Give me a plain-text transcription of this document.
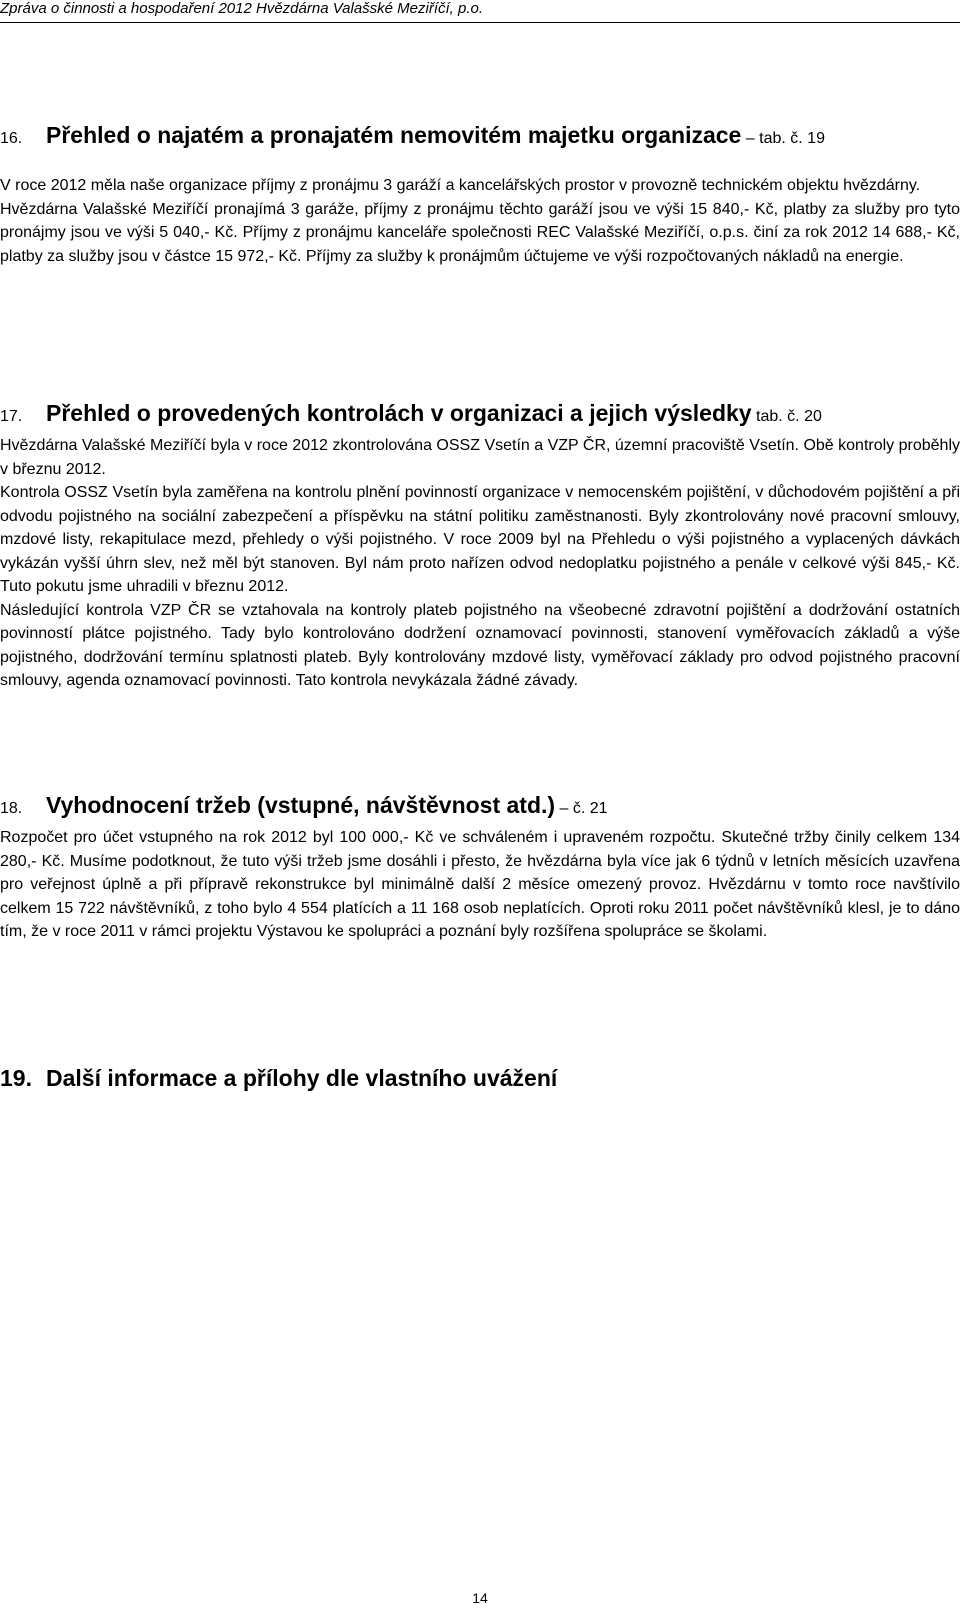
Zpráva o činnosti a hospodaření 2012 Hvězdárna Valašské Meziříčí, p.o.
16. Přehled o najatém a pronajatém nemovitém majetku organizace – tab. č. 19

V roce 2012 měla naše organizace příjmy z pronájmu 3 garáží a kancelářských prostor v provozně technickém objektu hvězdárny.

Hvězdárna Valašské Meziříčí pronajímá 3 garáže, příjmy z pronájmu těchto garáží jsou ve výši 15 840,- Kč, platby za služby pro tyto pronájmy jsou ve výši 5 040,- Kč. Příjmy z pronájmu kanceláře společnosti REC Valašské Meziříčí, o.p.s. činí za rok 2012 14 688,- Kč, platby za služby jsou v částce 15 972,- Kč. Příjmy za služby k pronájmům účtujeme ve výši rozpočtovaných nákladů na energie.

17. Přehled o provedených kontrolách v organizaci a jejich výsledky tab. č. 20

Hvězdárna Valašské Meziříčí byla v roce 2012 zkontrolována OSSZ Vsetín a VZP ČR, územní pracoviště Vsetín. Obě kontroly proběhly v březnu 2012.

Kontrola OSSZ Vsetín byla zaměřena na kontrolu plnění povinností organizace v nemocenském pojištění, v důchodovém pojištění a při odvodu pojistného na sociální zabezpečení a příspěvku na státní politiku zaměstnanosti. Byly zkontrolovány nové pracovní smlouvy, mzdové listy, rekapitulace mezd, přehledy o výši pojistného. V roce 2009 byl na Přehledu o výši pojistného a vyplacených dávkách vykázán vyšší úhrn slev, než měl být stanoven. Byl nám proto nařízen odvod nedoplatku pojistného a penále v celkové výši 845,- Kč. Tuto pokutu jsme uhradili v březnu 2012.

Následující kontrola VZP ČR se vztahovala na kontroly plateb pojistného na všeobecné zdravotní pojištění a dodržování ostatních povinností plátce pojistného. Tady bylo kontrolováno dodržení oznamovací povinnosti, stanovení vyměřovacích základů a výše pojistného, dodržování termínu splatnosti plateb. Byly kontrolovány mzdové listy, vyměřovací základy pro odvod pojistného pracovní smlouvy, agenda oznamovací povinnosti. Tato kontrola nevykázala žádné závady.

18. Vyhodnocení tržeb (vstupné, návštěvnost atd.) – č. 21

Rozpočet pro účet vstupného na rok 2012 byl 100 000,- Kč ve schváleném i upraveném rozpočtu. Skutečné tržby činily celkem 134 280,- Kč. Musíme podotknout, že tuto výši tržeb jsme dosáhli i přesto, že hvězdárna byla více jak 6 týdnů v letních měsících uzavřena pro veřejnost úplně a při přípravě rekonstrukce byl minimálně další 2 měsíce omezený provoz. Hvězdárnu v tomto roce navštívilo celkem 15 722 návštěvníků, z toho bylo 4 554 platících a 11 168 osob neplatících. Oproti roku 2011 počet návštěvníků klesl, je to dáno tím, že v roce 2011 v rámci projektu Výstavou ke spolupráci a poznání byly rozšířena spolupráce se školami.

19. Další informace a přílohy dle vlastního uvážení
14
